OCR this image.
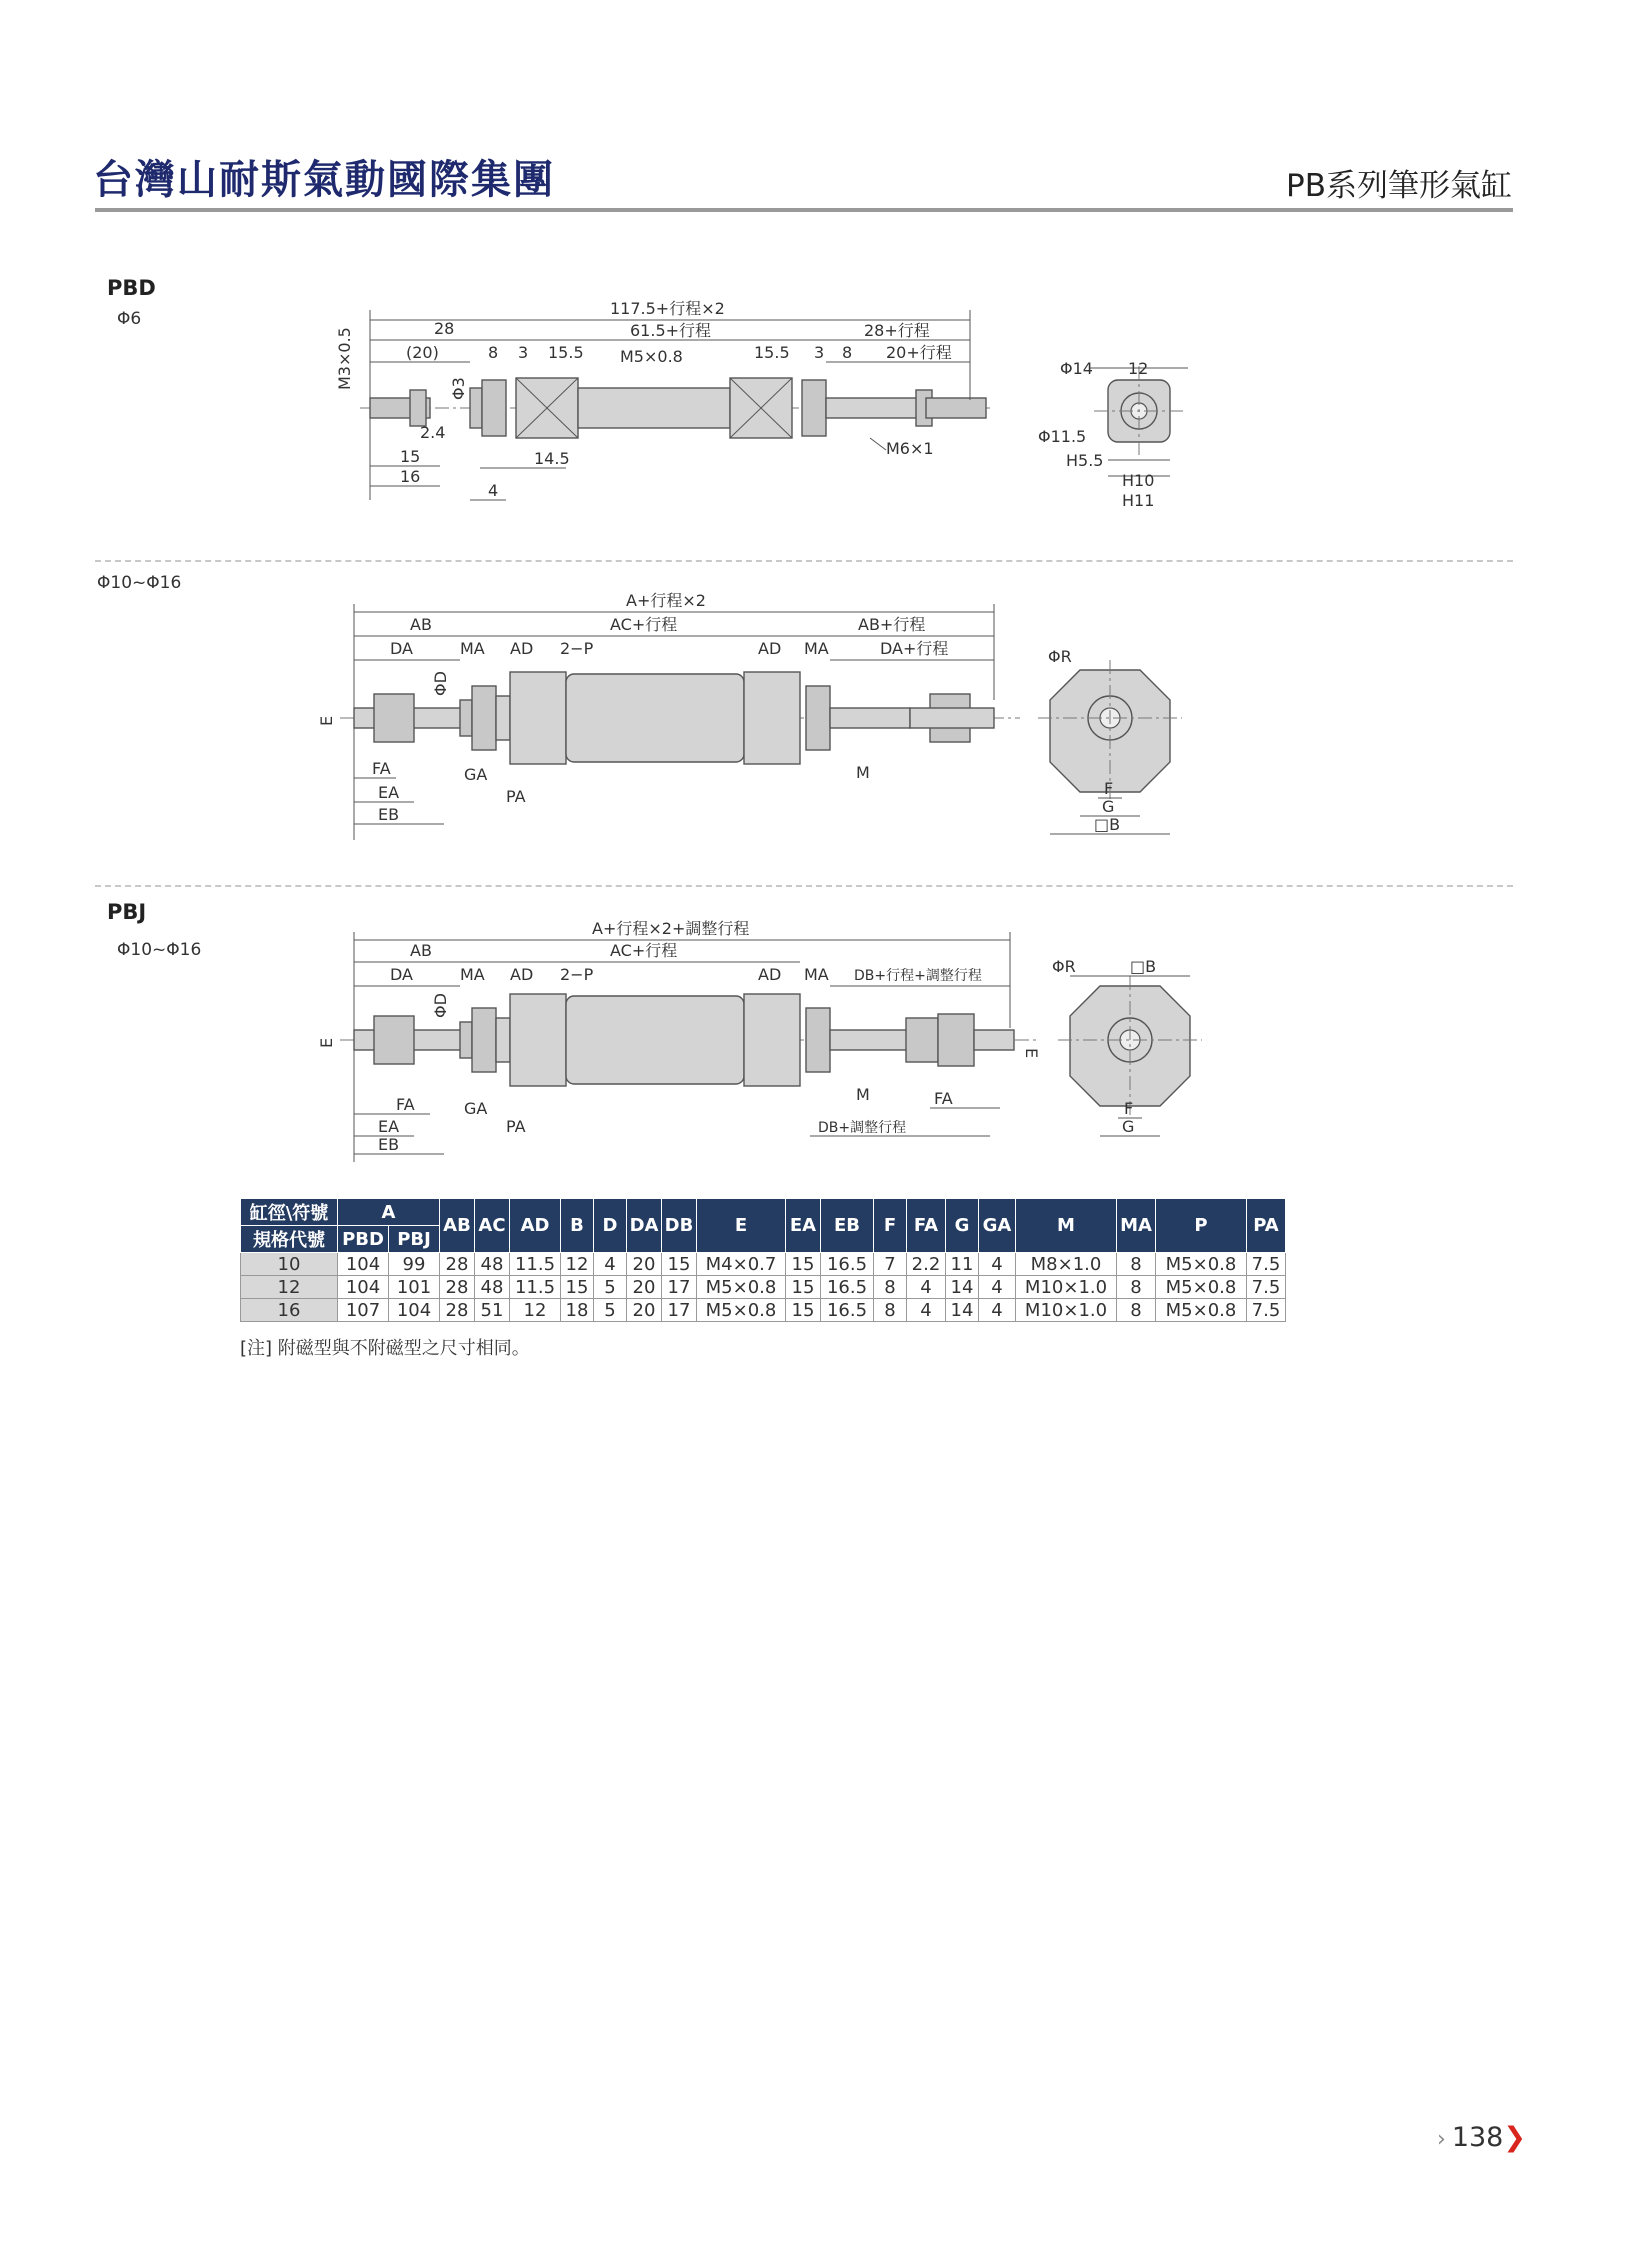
台灣山耐斯氣動國際集團	PB系列筆形氣缸
PBD
Φ6
Φ10~Φ16
PBJ
Φ10~Φ16
117.5+行程×2
28	61.5+行程	28+行程
(20)	8 3 15.5 M5×0.8	15.5 3 8 20+行程
M3×0.5	Φ3
2.4
15
16
14.5
4
M6×1
Φ14 12
Φ11.5
H5.5
H10
H11
A+行程×2
AB	AC+行程	AB+行程
DA	MA AD 2−P	AD MA	DA+行程
ΦD
E
FA	GA
EA	PA
EB
M
ΦR
F
G
□B
A+行程×2+調整行程
AB	AC+行程
DA	MA AD 2−P	AD MA DB+行程+調整行程
ΦD
E
FA	GA
EA	PA
EB
M	FA
DB+調整行程
E
ΦR	□B
F
G
缸徑\符號	A		AB	AC	AD	B	D	DA	DB	E	EA	EB	F	FA	G	GA	M	MA	P	PA
規格代號	PBD	PBJ																		
10	104	99	28	48	11.5	12	4	20	15	M4×0.7	15	16.5	7	2.2	11	4	M8×1.0	8	M5×0.8	7.5
12	104	101	28	48	11.5	15	5	20	17	M5×0.8	15	16.5	8	4	14	4	M10×1.0	8	M5×0.8	7.5
16	107	104	28	51	12	18	5	20	17	M5×0.8	15	16.5	8	4	14	4	M10×1.0	8	M5×0.8	7.5
[注] 附磁型與不附磁型之尺寸相同。
› 138❯
